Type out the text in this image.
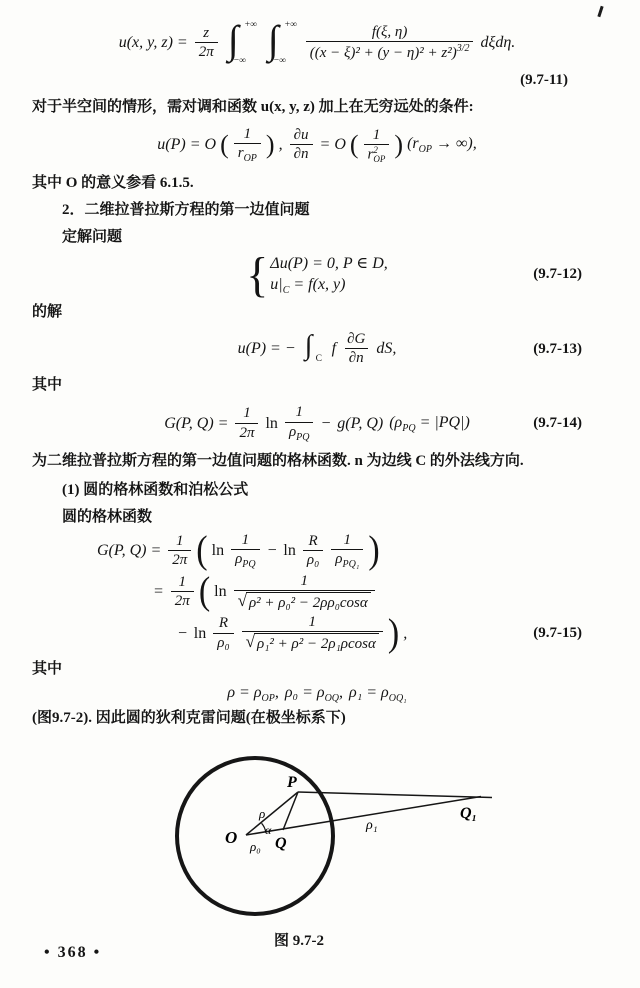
u(x, y, $z) = \frac{z}{2\pi}$ ∫ +∞
−∞ ∫ +∞
−∞ $\frac{f(\xi, \eta)}{((x - \xi)^2 + (y - \eta)^2 + z^2)^{3/2}} d\xi d\eta$.
(9.7-11)

对于半空间的情形，需对调和函数 u(x, y, z) 加上在无穷远处的条件:

u(P) = O ( 1
$r_{OP}$ ) , $\frac{\partial u}{\partial n} = O$ ( 1
r 2
OP ) ($r_{OP}$ → ∞),

其中 O 的意义参看 6.1.5.

2．二维拉普拉斯方程的第一边值问题

定解问题

{ Δu(P) = 0, P ∈ D,
$u|_C = f(x$, y)
(9.7-12)

的解

u(P) = − ∫ C
f $\frac{\partial G}{\partial n}$ dS,	(9.7-13)

其中

G(P, $Q) = \frac{1}{2\pi}$ ln
1
$\rho_{PQ}$
− g(P, Q) $(\rho_{PQ} = |PQ|)$	(9.7-14)

为二维拉普拉斯方程的第一边值问题的格林函数. n 为边线 C 的外法线方向.

(1) 圆的格林函数和泊松公式

圆的格林函数

G(P, $Q) = \frac{1}{2\pi}$ ( ln
1
$\rho_{PQ}$
− $\ln \frac{R}{\text{ρ₀}} 1$
$\rho_{PQ_1}$ )
= $\frac{1}{2\pi}$ ( $\ln \frac{1}{\text{√ ρ² + ρ₀² − 2ρρ₀cosα}}$
− $\ln \frac{R}{\text{ρ₀}} \frac{1}{\text{√ ρ₁² + ρ² − 2ρ₁ρcosα}}$ ) ,	(9.7-15)

其中

$\rho = \rho_{OP}$, $\rho_0 = \rho_{OQ}$, $\rho_1 = \rho_{OQ_1}$

(图9.7-2). 因此圆的狄利克雷问题(在极坐标系下)

O
P
Q
Q₁
ρ
α
ρ₀
ρ₁
图 9.7-2
• 368 •
